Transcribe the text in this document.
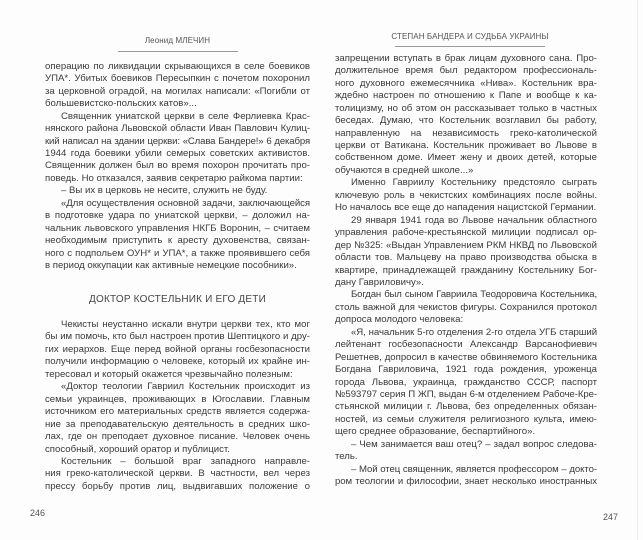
Леонид МЛЕЧИН
операцию по ликвидации скрывающихся в селе боевиков
УПА*. Убитых боевиков Пересыпкин с почетом похоронил
за церковной оградой, на могилах написали: «Погибли от
большевистско-польских катов»...
Священник униатской церкви в селе Ферлиевка Крас-
нянского района Львовской области Иван Павлович Кулиц-
кий написал на здании церкви: «Слава Бандере!» 6 декабря
1944 года боевики убили семерых советских активистов.
Священник должен был во время похорон прочитать про-
поведь. Но отказался, заявив секретарю райкома партии:
– Вы их в церковь не несите, служить не буду.
«Для осуществления основной задачи, заключающейся
в подготовке удара по униатской церкви, – доложил на-
чальник львовского управления НКГБ Воронин, – считаем
необходимым приступить к аресту духовенства, связан-
ного с подпольем ОУН* и УПА*, а также проявившего себя
в период оккупации как активные немецкие пособники».
ДОКТОР КОСТЕЛЬНИК И ЕГО ДЕТИ
Чекисты неустанно искали внутри церкви тех, кто мог
бы им помочь, кто был настроен против Шептицкого и дру-
гих иерархов. Еще перед войной органы госбезопасности
получили информацию о человеке, который их крайне ин-
тересовал и который окажется чрезвычайно полезным:
«Доктор теологии Гавриил Костельник происходит из
семьи украинцев, проживающих в Югославии. Главным
источником его материальных средств является содержа-
ние за преподавательскую деятельность в средних шко-
лах, где он преподает духовное писание. Человек очень
способный, хороший оратор и публицист.
Костельник – большой враг западного направле-
ния греко-католической церкви. В частности, вел через
прессу борьбу против лиц, выдвигавших положение о
246
СТЕПАН БАНДЕРА И СУДЬБА УКРАИНЫ
запрещении вступать в брак лицам духовного сана. Про-
должительное время был редактором профессиональ-
ного духовного ежемесячника «Нива». Костельник вра-
ждебно настроен по отношению к Папе и вообще к ка-
толицизму, но об этом он рассказывает только в частных
беседах. Думаю, что Костельник возглавил бы работу,
направленную на независимость греко-католической
церкви от Ватикана. Костельник проживает во Львове в
собственном доме. Имеет жену и двоих детей, которые
обучаются в средней школе...»
Именно Гавриилу Костельнику предстояло сыграть
ключевую роль в чекистских комбинациях после войны.
Но началось все еще до нападения нацистской Германии.
29 января 1941 года во Львове начальник областного
управления рабоче-крестьянской милиции подписал ор-
дер №325: «Выдан Управлением РКМ НКВД по Львовской
области тов. Мальцеву на право производства обыска в
квартире, принадлежащей гражданину Костельнику Бог-
дану Гавриловичу».
Богдан был сыном Гавриила Теодоровича Костельника,
столь важной для чекистов фигуры. Сохранился протокол
допроса молодого человека:
«Я, начальник 5-го отделения 2-го отдела УГБ старший
лейтенант госбезопасности Александр Варсанофиевич
Решетнев, допросил в качестве обвиняемого Костельника
Богдана Гавриловича, 1921 года рождения, уроженца
города Львова, украинца, гражданство СССР, паспорт
№593797 серия П ЖП, выдан 6-м отделением Рабоче-Кре-
стьянской милиции г. Львова, без определенных обязан-
ностей, из семьи служителя религиозного культа, имею-
щего среднее образование, беспартийного».
– Чем занимается ваш отец? – задал вопрос следова-
тель.
– Мой отец священник, является профессором – докто-
ром теологии и философии, знает несколько иностранных
247
